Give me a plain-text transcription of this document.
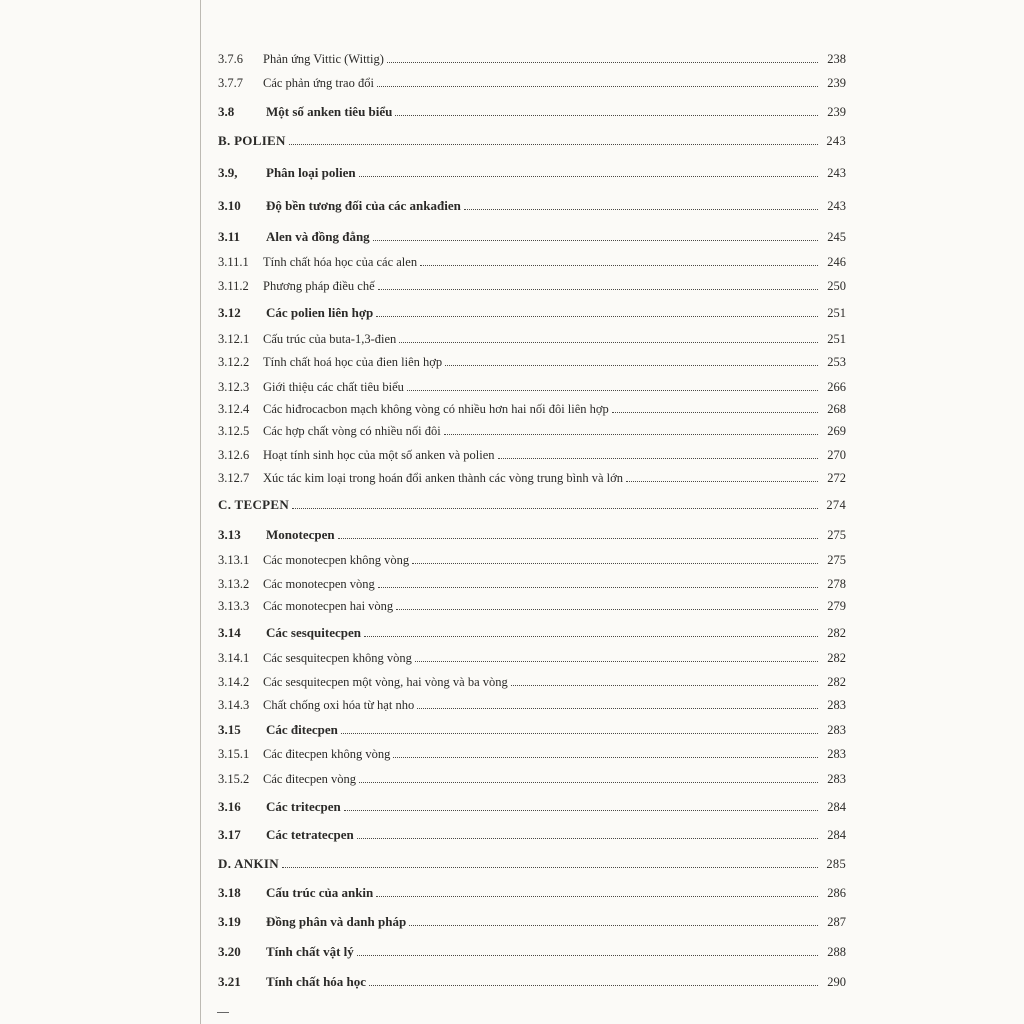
3.7.6	Phản ứng Vittic (Wittig)	238
3.7.7	Các phản ứng trao đổi	239
3.8	Một số anken tiêu biểu	239
B. POLIEN	243
3.9,	Phân loại polien	243
3.10	Độ bền tương đối của các ankađien	243
3.11	Alen và đồng đẳng	245
3.11.1	Tính chất hóa học của các alen	246
3.11.2	Phương pháp điều chế	250
3.12	Các polien liên hợp	251
3.12.1	Cấu trúc của buta-1,3-đien	251
3.12.2	Tính chất hoá học của đien liên hợp	253
3.12.3	Giới thiệu các chất tiêu biểu	266
3.12.4	Các hiđrocacbon mạch không vòng có nhiều hơn hai nối đôi liên hợp	268
3.12.5	Các hợp chất vòng có nhiều nối đôi	269
3.12.6	Hoạt tính sinh học của một số anken và polien	270
3.12.7	Xúc tác kim loại trong hoán đổi anken thành các vòng trung bình và lớn	272
C. TECPEN	274
3.13	Monotecpen	275
3.13.1	Các monotecpen không vòng	275
3.13.2	Các monotecpen vòng	278
3.13.3	Các monotecpen hai vòng	279
3.14	Các sesquitecpen	282
3.14.1	Các sesquitecpen không vòng	282
3.14.2	Các sesquitecpen một vòng, hai vòng và ba vòng	282
3.14.3	Chất chống oxi hóa từ hạt nho	283
3.15	Các đitecpen	283
3.15.1	Các đitecpen không vòng	283
3.15.2	Các đitecpen vòng	283
3.16	Các tritecpen	284
3.17	Các tetratecpen	284
D. ANKIN	285
3.18	Cấu trúc của ankin	286
3.19	Đồng phân và danh pháp	287
3.20	Tính chất vật lý	288
3.21	Tính chất hóa học	290
